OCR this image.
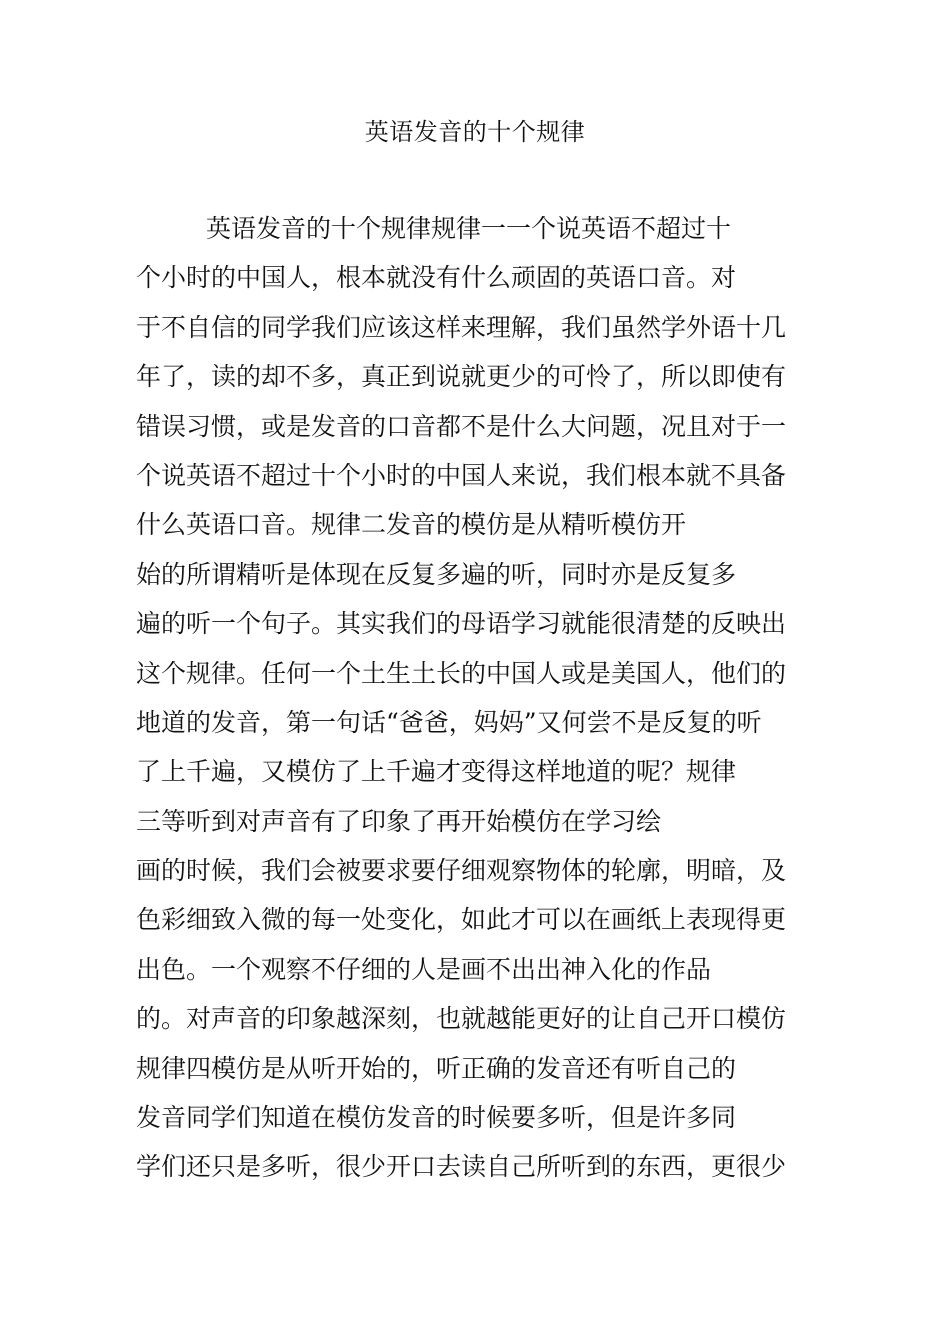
英语发音的十个规律
英语发音的十个规律规律一一个说英语不超过十
个小时的中国人，根本就没有什么顽固的英语口音。对
于不自信的同学我们应该这样来理解，我们虽然学外语十几
年了，读的却不多，真正到说就更少的可怜了，所以即使有
错误习惯，或是发音的口音都不是什么大问题，况且对于一
个说英语不超过十个小时的中国人来说，我们根本就不具备
什么英语口音。规律二发音的模仿是从精听模仿开
始的所谓精听是体现在反复多遍的听，同时亦是反复多
遍的听一个句子。其实我们的母语学习就能很清楚的反映出
这个规律。任何一个土生土长的中国人或是美国人，他们的
地道的发音，第一句话“爸爸，妈妈”又何尝不是反复的听
了上千遍，又模仿了上千遍才变得这样地道的呢？规律
三等听到对声音有了印象了再开始模仿在学习绘
画的时候，我们会被要求要仔细观察物体的轮廓，明暗，及
色彩细致入微的每一处变化，如此才可以在画纸上表现得更
出色。一个观察不仔细的人是画不出出神入化的作品
的。对声音的印象越深刻，也就越能更好的让自己开口模仿
规律四模仿是从听开始的，听正确的发音还有听自己的
发音同学们知道在模仿发音的时候要多听，但是许多同
学们还只是多听，很少开口去读自己所听到的东西，更很少
